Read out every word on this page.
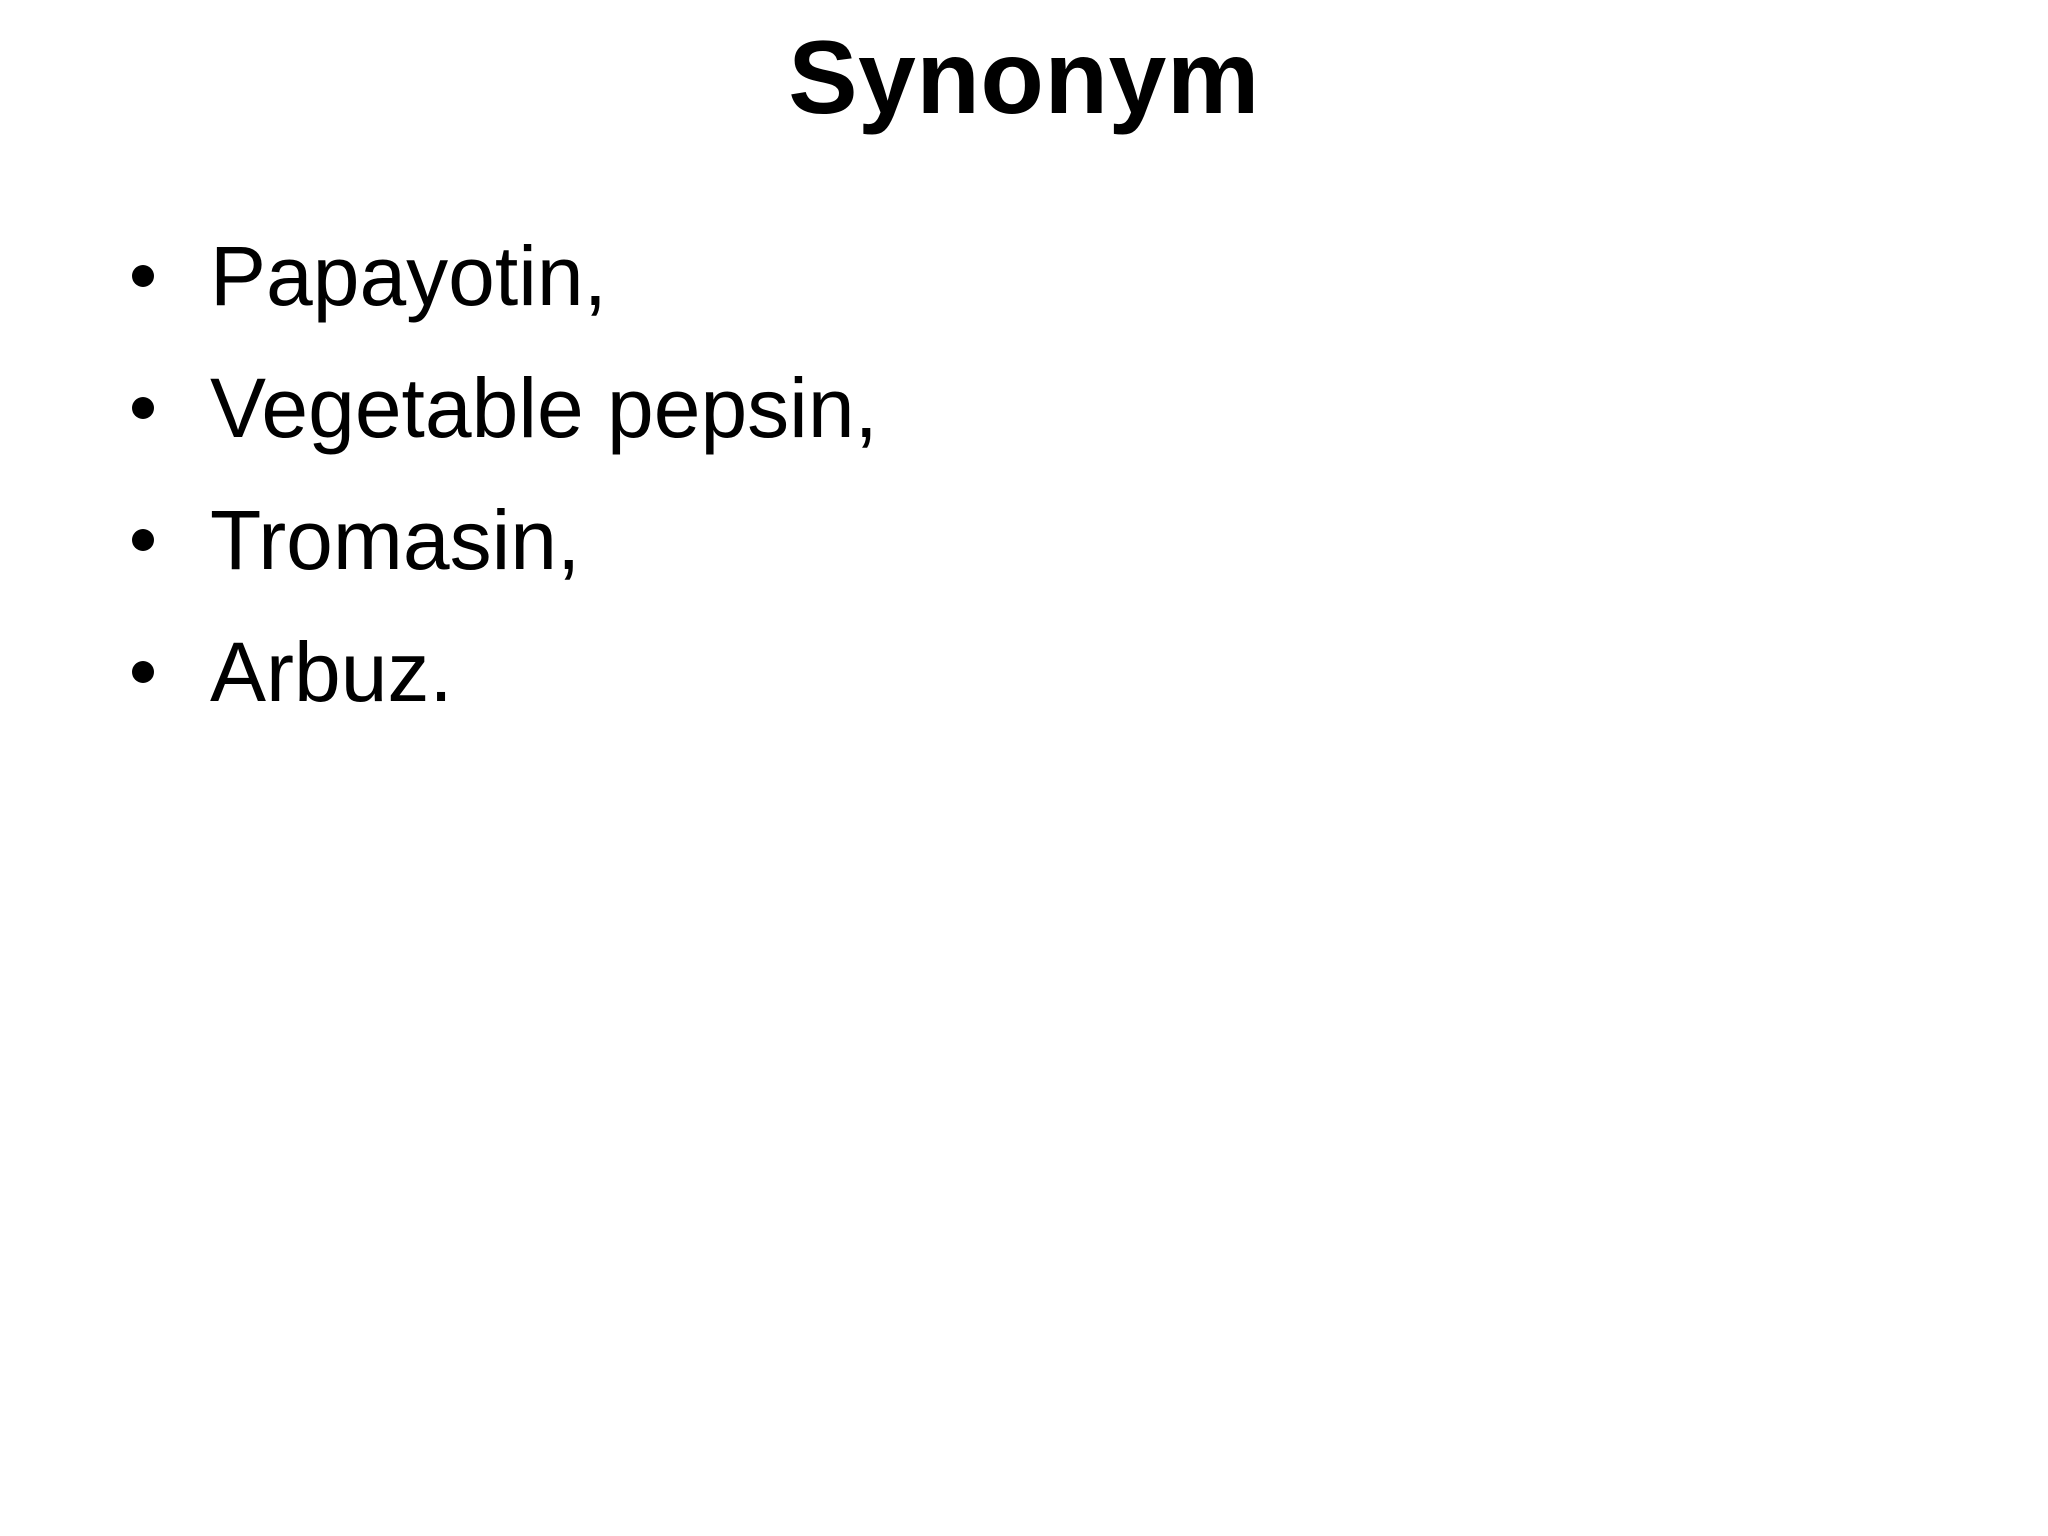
Synonym
Papayotin,
Vegetable pepsin,
Tromasin,
Arbuz.
